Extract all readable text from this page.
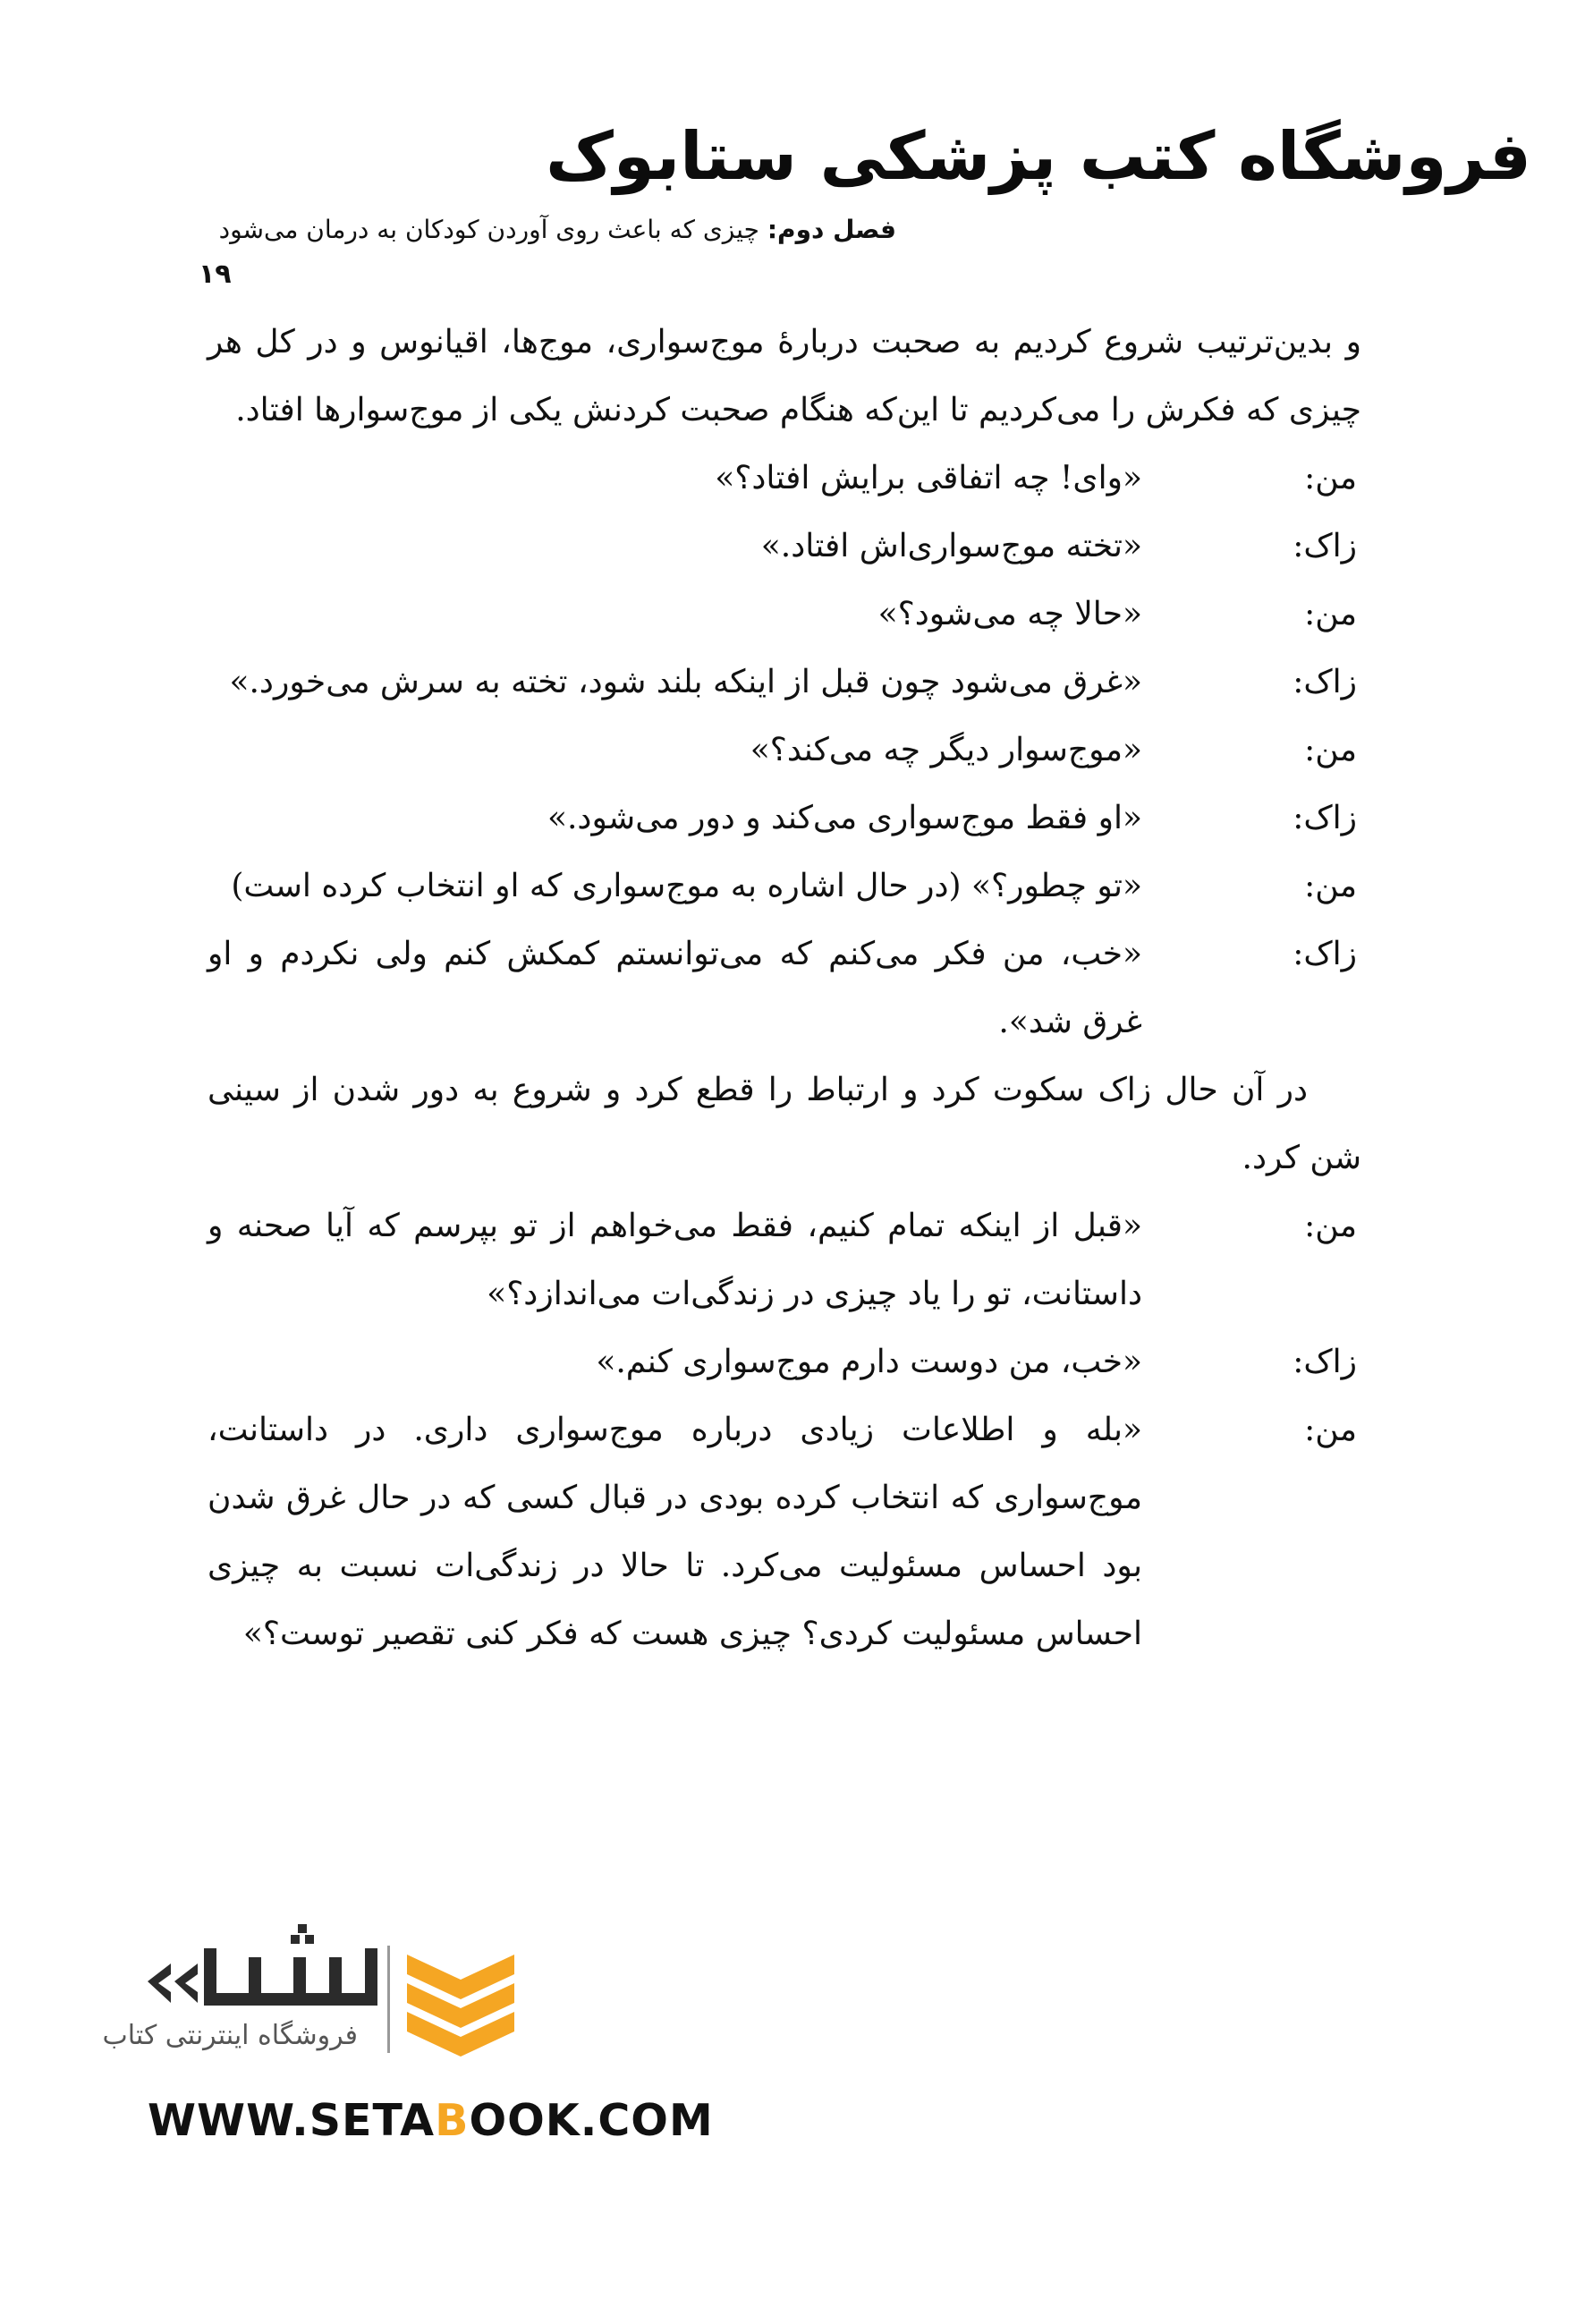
فروشگاه کتب پزشکی ستابوک
فصل دوم: چیزی که باعث روی آوردن کودکان به درمان می‌شود
۱۹

و بدین‌ترتیب شروع کردیم به صحبت دربارهٔ موج‌سواری، موج‌ها، اقیانوس و در کل هر چیزی که فکرش را می‌کردیم تا این‌که هنگام صحبت کردنش یکی از موج‌سوارها افتاد.

من:
«وای! چه اتفاقی برایش افتاد؟»
زاک:
«تخته موج‌سواری‌اش افتاد.»
من:
«حالا چه می‌شود؟»
زاک:
«غرق می‌شود چون قبل از اینکه بلند شود، تخته به سرش می‌خورد.»
من:
«موج‌سوار دیگر چه می‌کند؟»
زاک:
«او فقط موج‌سواری می‌کند و دور می‌شود.»
من:
«تو چطور؟» (در حال اشاره به موج‌سواری که او انتخاب کرده است)
زاک:
«خب، من فکر می‌کنم که می‌توانستم کمکش کنم ولی نکردم و او غرق شد».

در آن حال زاک سکوت کرد و ارتباط را قطع کرد و شروع به دور شدن از سینی شن کرد.

من:
«قبل از اینکه تمام کنیم، فقط می‌خواهم از تو بپرسم که آیا صحنه و داستانت، تو را یاد چیزی در زندگی‌ات می‌اندازد؟»
زاک:
«خب، من دوست دارم موج‌سواری کنم.»
من:
«بله و اطلاعات زیادی درباره موج‌سواری داری. در داستانت، موج‌سواری که انتخاب کرده بودی در قبال کسی که در حال غرق شدن بود احساس مسئولیت می‌کرد. تا حالا در زندگی‌ات نسبت به چیزی احساس مسئولیت کردی؟ چیزی هست که فکر کنی تقصیر توست؟»
فروشگاه اینترنتی کتاب
WWW.SETABOOK.COM
